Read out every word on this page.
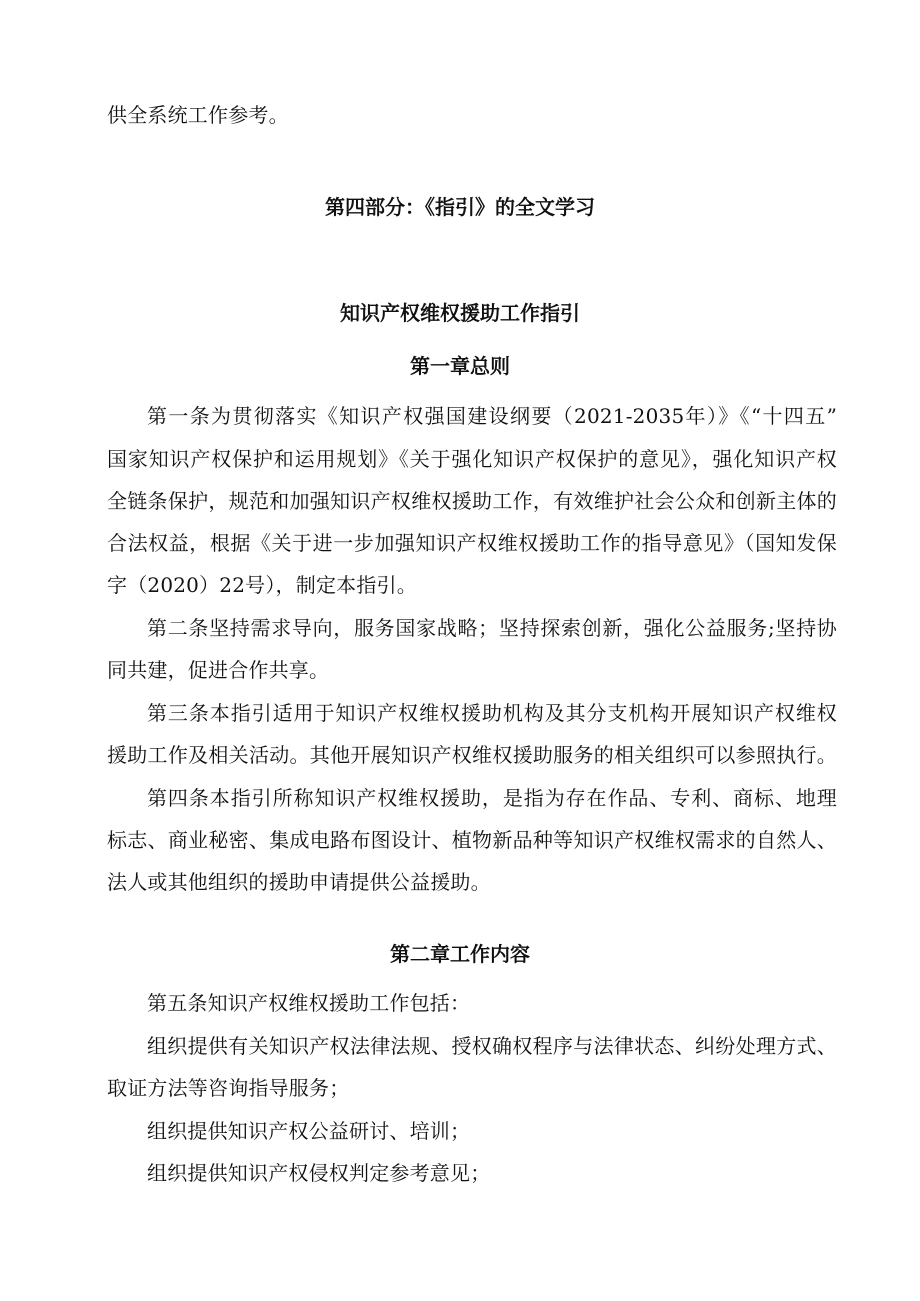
供全系统工作参考。
第四部分：《指引》的全文学习
知识产权维权援助工作指引
第一章总则
第一条为贯彻落实《知识产权强国建设纲要（2021-2035年）》《“十四五”
国家知识产权保护和运用规划》《关于强化知识产权保护的意见》，强化知识产权
全链条保护，规范和加强知识产权维权援助工作，有效维护社会公众和创新主体的
合法权益，根据《关于进一步加强知识产权维权援助工作的指导意见》（国知发保
字（2020）22号），制定本指引。
第二条坚持需求导向，服务国家战略；坚持探索创新，强化公益服务;坚持协
同共建，促进合作共享。
第三条本指引适用于知识产权维权援助机构及其分支机构开展知识产权维权
援助工作及相关活动。其他开展知识产权维权援助服务的相关组织可以参照执行。
第四条本指引所称知识产权维权援助，是指为存在作品、专利、商标、地理
标志、商业秘密、集成电路布图设计、植物新品种等知识产权维权需求的自然人、
法人或其他组织的援助申请提供公益援助。
第二章工作内容
第五条知识产权维权援助工作包括：
组织提供有关知识产权法律法规、授权确权程序与法律状态、纠纷处理方式、
取证方法等咨询指导服务；
组织提供知识产权公益研讨、培训；
组织提供知识产权侵权判定参考意见；
